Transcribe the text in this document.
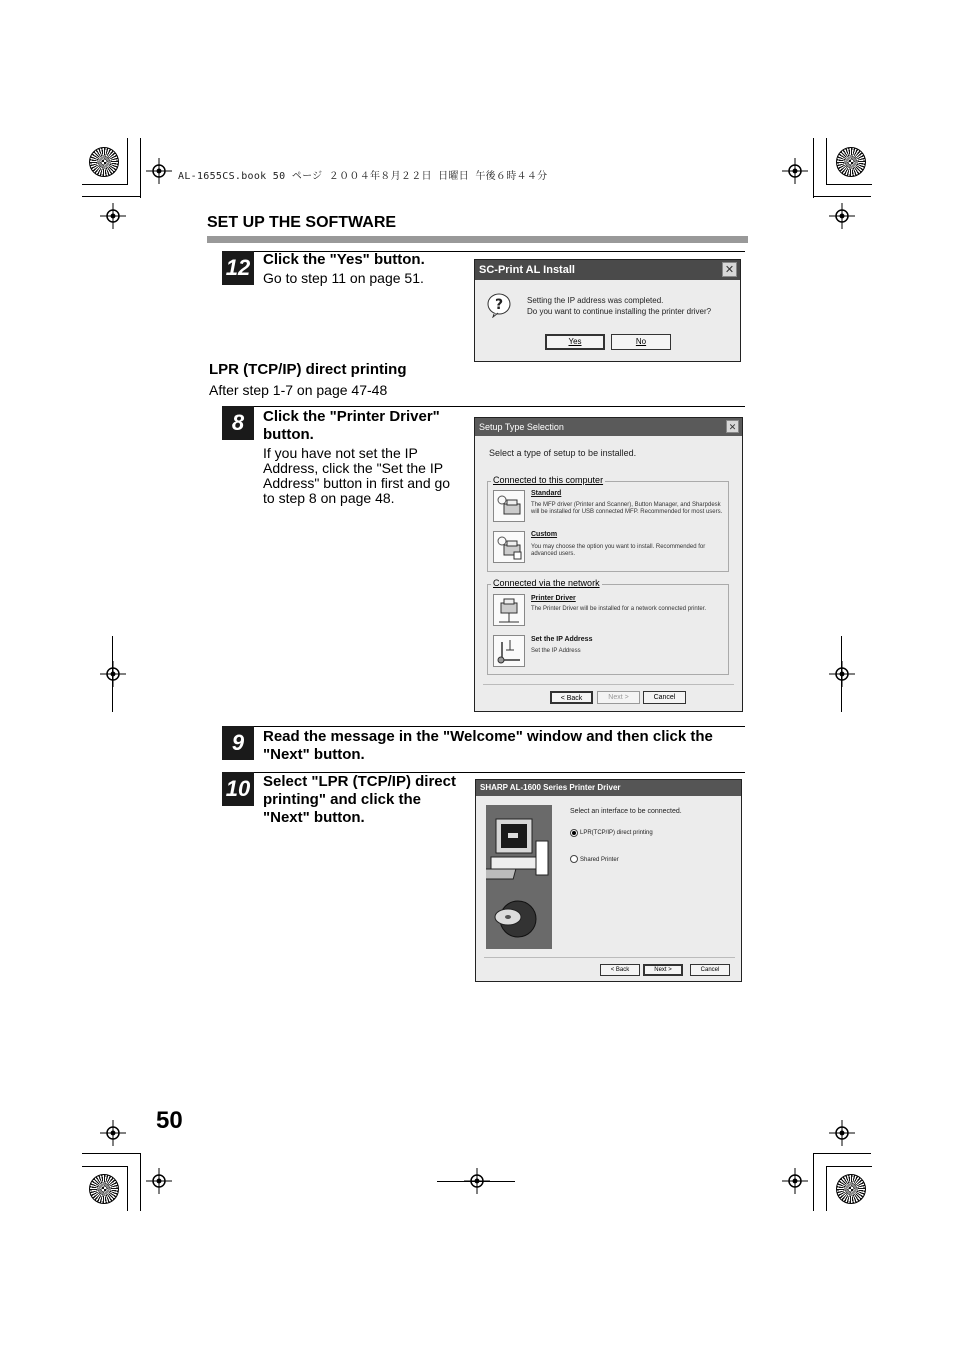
AL-1655CS.book 50 ページ ２００４年８月２２日 日曜日 午後６時４４分
SET UP THE SOFTWARE
12 Click the "Yes" button.
Go to step 11 on page 51.	SC-Print AL Install	✕
?	Setting the IP address was completed.
Do you want to continue installing the printer driver?
Yes	No
LPR (TCP/IP) direct printing
After step 1-7 on page 47-48
8	Click the "Printer Driver" button.
If you have not set the IP Address, click the "Set the IP Address" button in first and go to step 8 on page 48.
Setup Type Selection	✕
Select a type of setup to be installed.
Connected to this computer
Standard
The MFP driver (Printer and Scanner), Button Manager, and Sharpdesk will be installed for USB connected MFP. Recommended for most users.
Custom
You may choose the option you want to install. Recommended for advanced users.
Connected via the network
Printer Driver
The Printer Driver will be installed for a network connected printer.
Set the IP Address
Set the IP Address
< Back	Next >	Cancel
9	Read the message in the "Welcome" window and then click the "Next" button.
10 Select "LPR (TCP/IP) direct printing" and click the "Next" button.
SHARP AL-1600 Series Printer Driver
Select an interface to be connected.
LPR(TCP/IP) direct printing
Shared Printer
< Back	Next >	Cancel
50
